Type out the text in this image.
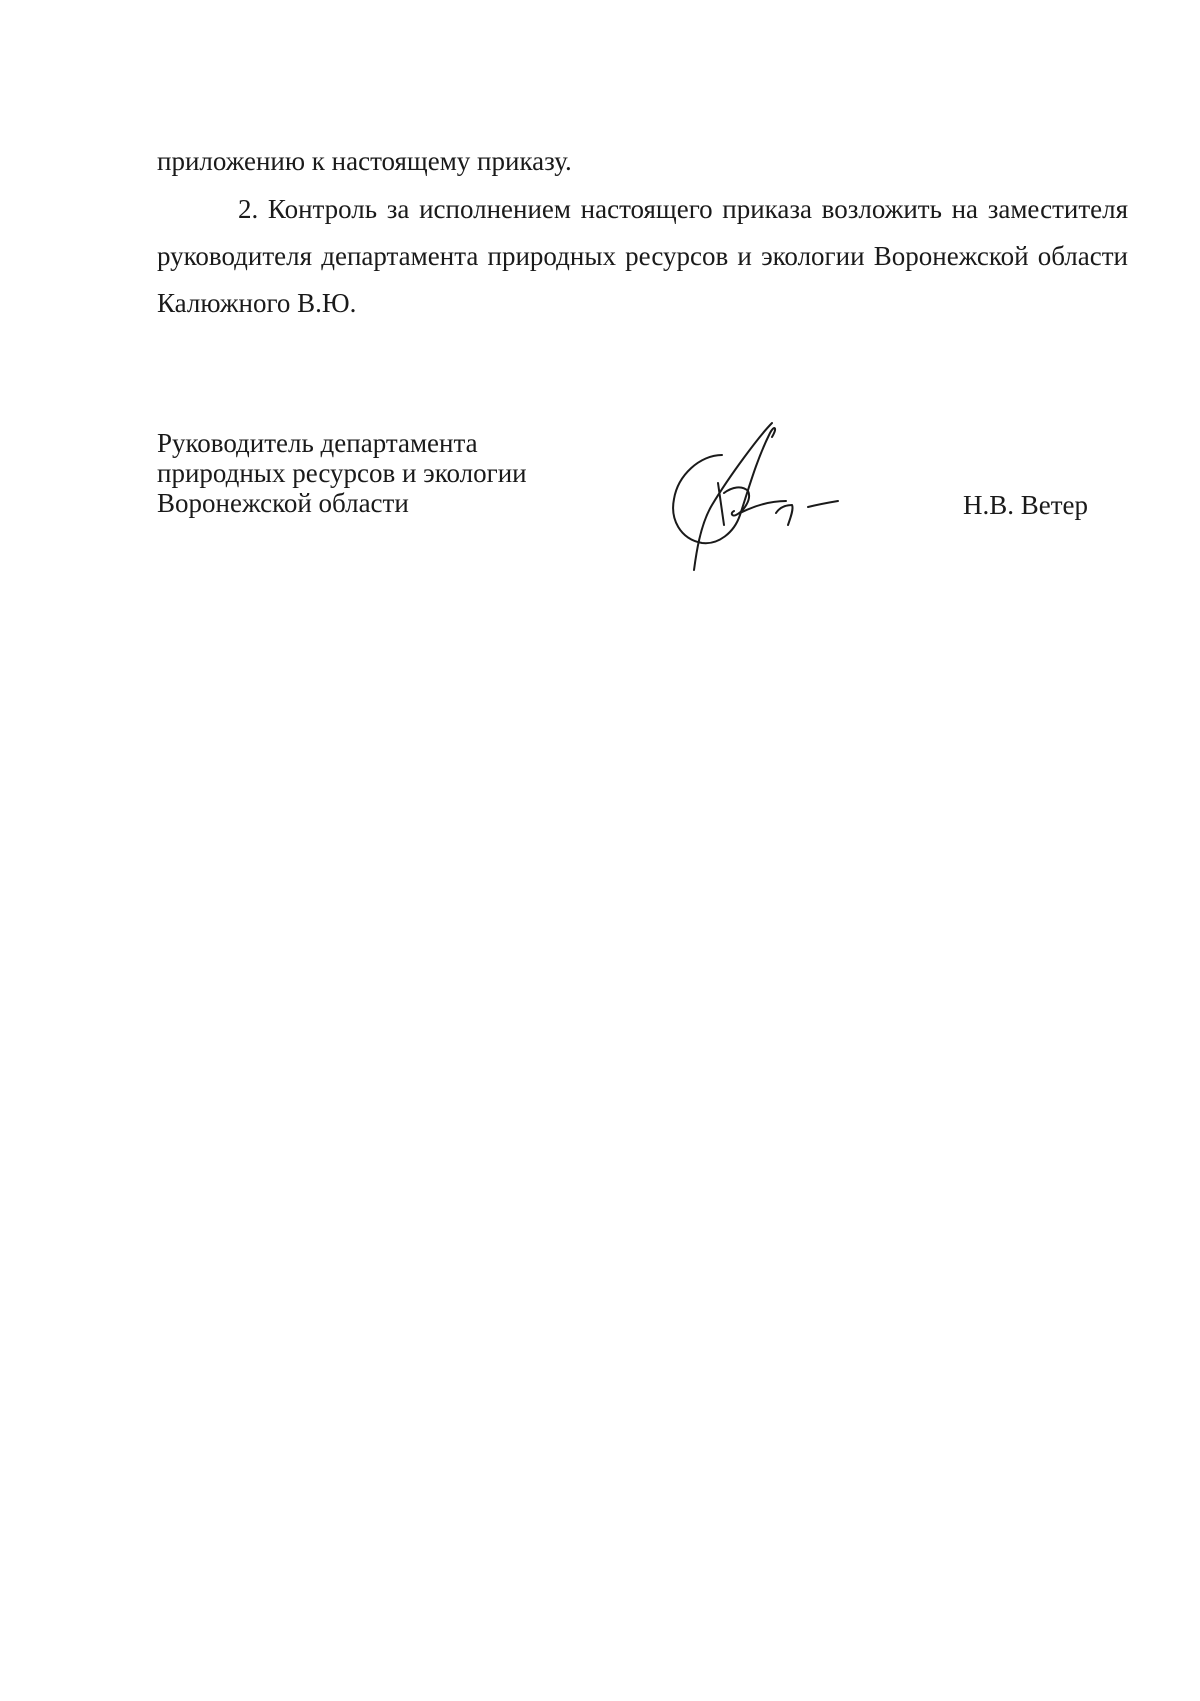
приложению к настоящему приказу.

2. Контроль за исполнением настоящего приказа возложить на заместителя руководителя департамента природных ресурсов и экологии Воронежской области Калюжного В.Ю.

Руководитель департамента
природных ресурсов и экологии
Воронежской области	Н.В. Ветер
